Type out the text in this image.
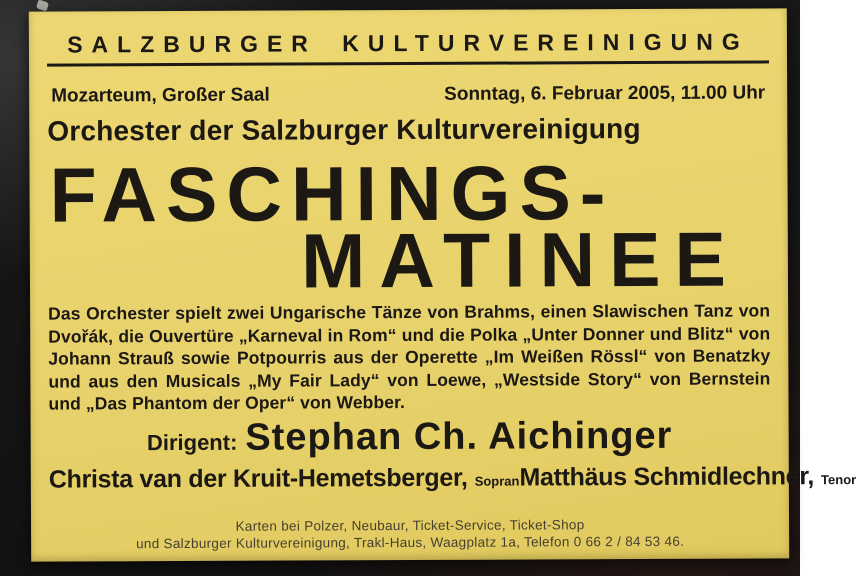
SALZBURGER KULTURVEREINIGUNG
Mozarteum, Großer Saal	Sonntag, 6. Februar 2005, 11.00 Uhr
Orchester der Salzburger Kulturvereinigung
FASCHINGS-
MATINEE
Das Orchester spielt zwei Ungarische Tänze von Brahms, einen Slawischen Tanz von Dvořák, die Ouvertüre „Karneval in Rom“ und die Polka „Unter Donner und Blitz“ von Johann Strauß sowie Potpourris aus der Operette „Im Weißen Rössl“ von Benatzky und aus den Musicals „My Fair Lady“ von Loewe, „Westside Story“ von Bernstein und „Das Phantom der Oper“ von Webber.
Dirigent: Stephan Ch. Aichinger
Christa van der Kruit-Hemetsberger, Sopran Matthäus Schmidlechner, Tenor
Karten bei Polzer, Neubaur, Ticket-Service, Ticket-Shop
und Salzburger Kulturvereinigung, Trakl-Haus, Waagplatz 1a, Telefon 0 66 2 / 84 53 46.
